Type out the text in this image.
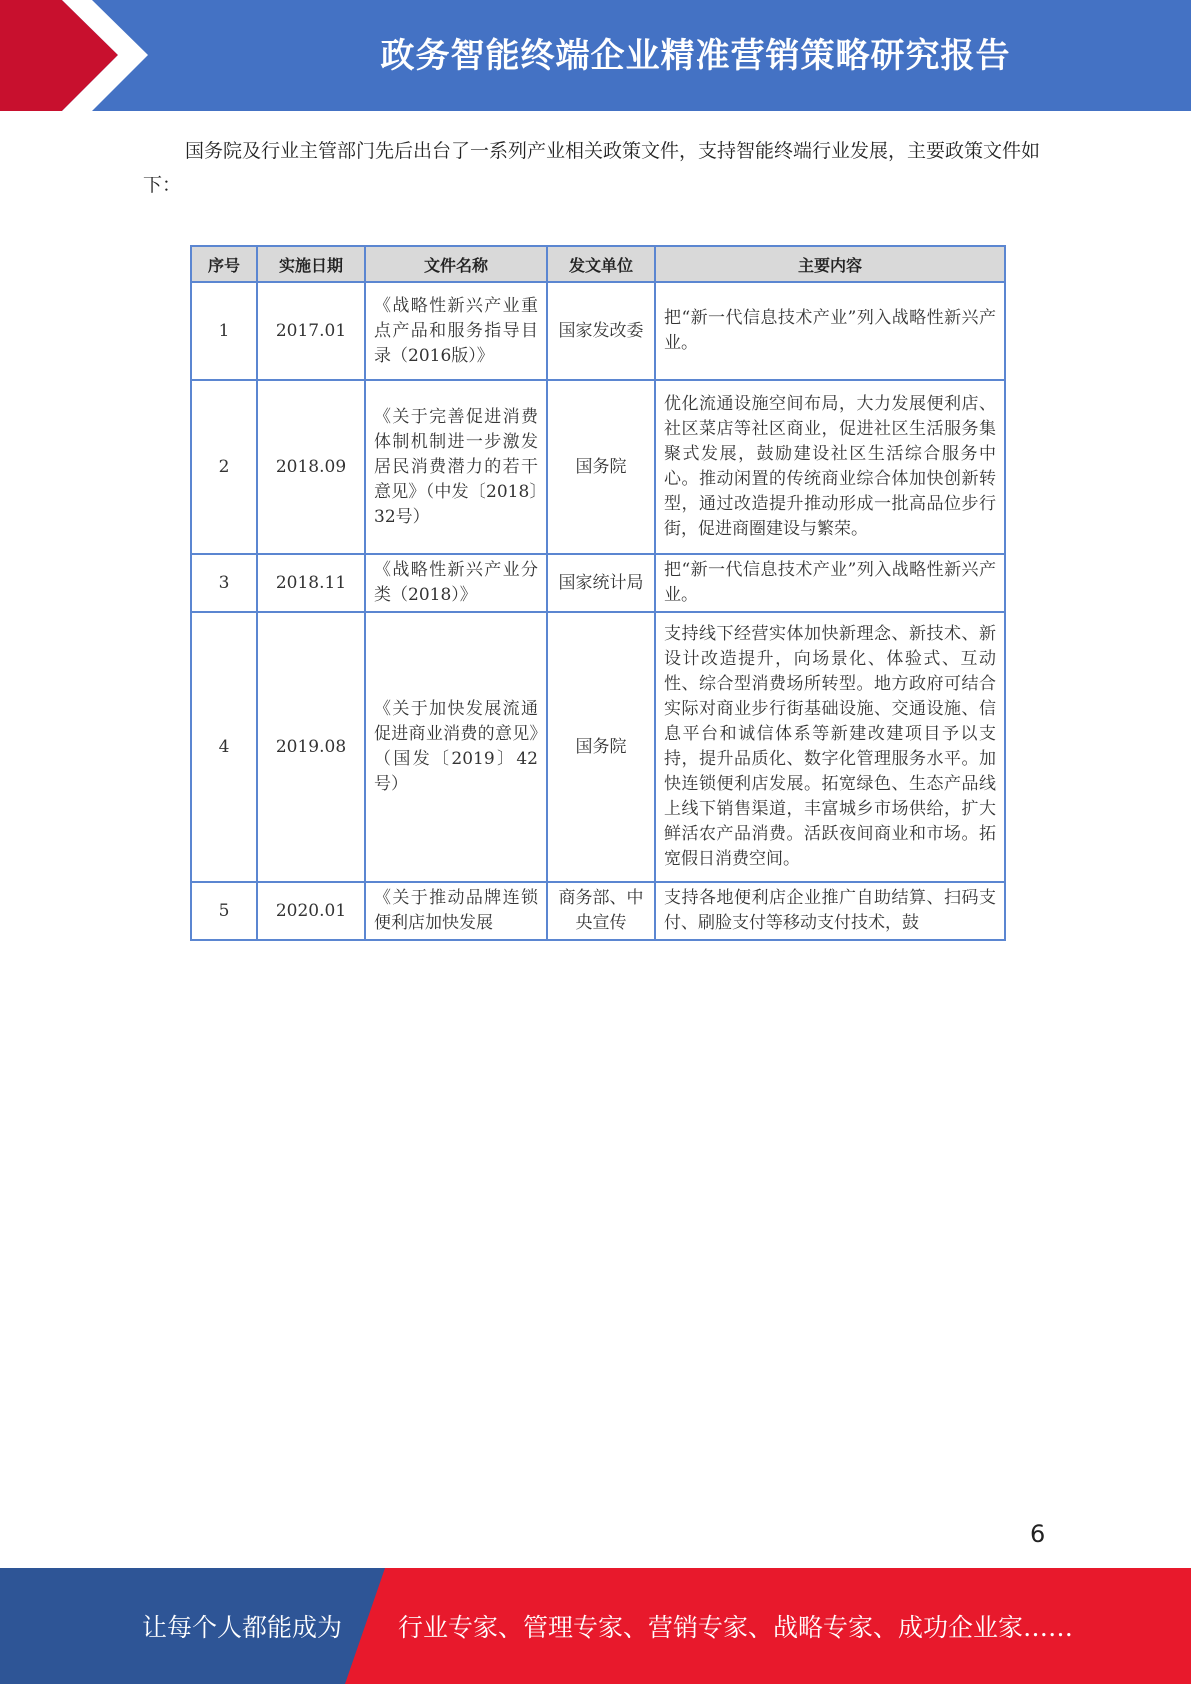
政务智能终端企业精准营销策略研究报告

国务院及行业主管部门先后出台了一系列产业相关政策文件，支持智能终端行业发展，主要政策文件如下：

序号	实施日期	文件名称	发文单位	主要内容
1	2017.01	《战略性新兴产业重点产品和服务指导目录（2016版）》	国家发改委	把“新一代信息技术产业”列入战略性新兴产业。
2	2018.09	《关于完善促进消费体制机制进一步激发居民消费潜力的若干意见》（中发〔2018〕32号）	国务院	优化流通设施空间布局，大力发展便利店、社区菜店等社区商业，促进社区生活服务集聚式发展，鼓励建设社区生活综合服务中心。推动闲置的传统商业综合体加快创新转型，通过改造提升推动形成一批高品位步行街，促进商圈建设与繁荣。
3	2018.11	《战略性新兴产业分类（2018）》	国家统计局	把“新一代信息技术产业”列入战略性新兴产业。
4	2019.08	《关于加快发展流通促进商业消费的意见》（国发〔2019〕42号）	国务院	支持线下经营实体加快新理念、新技术、新设计改造提升，向场景化、体验式、互动性、综合型消费场所转型。地方政府可结合实际对商业步行街基础设施、交通设施、信息平台和诚信体系等新建改建项目予以支持，提升品质化、数字化管理服务水平。加快连锁便利店发展。拓宽绿色、生态产品线上线下销售渠道，丰富城乡市场供给，扩大鲜活农产品消费。活跃夜间商业和市场。拓宽假日消费空间。
5	2020.01	《关于推动品牌连锁便利店加快发展	商务部、中央宣传	支持各地便利店企业推广自助结算、扫码支付、刷脸支付等移动支付技术，鼓
6
让每个人都能成为 行业专家、管理专家、营销专家、战略专家、成功企业家……
